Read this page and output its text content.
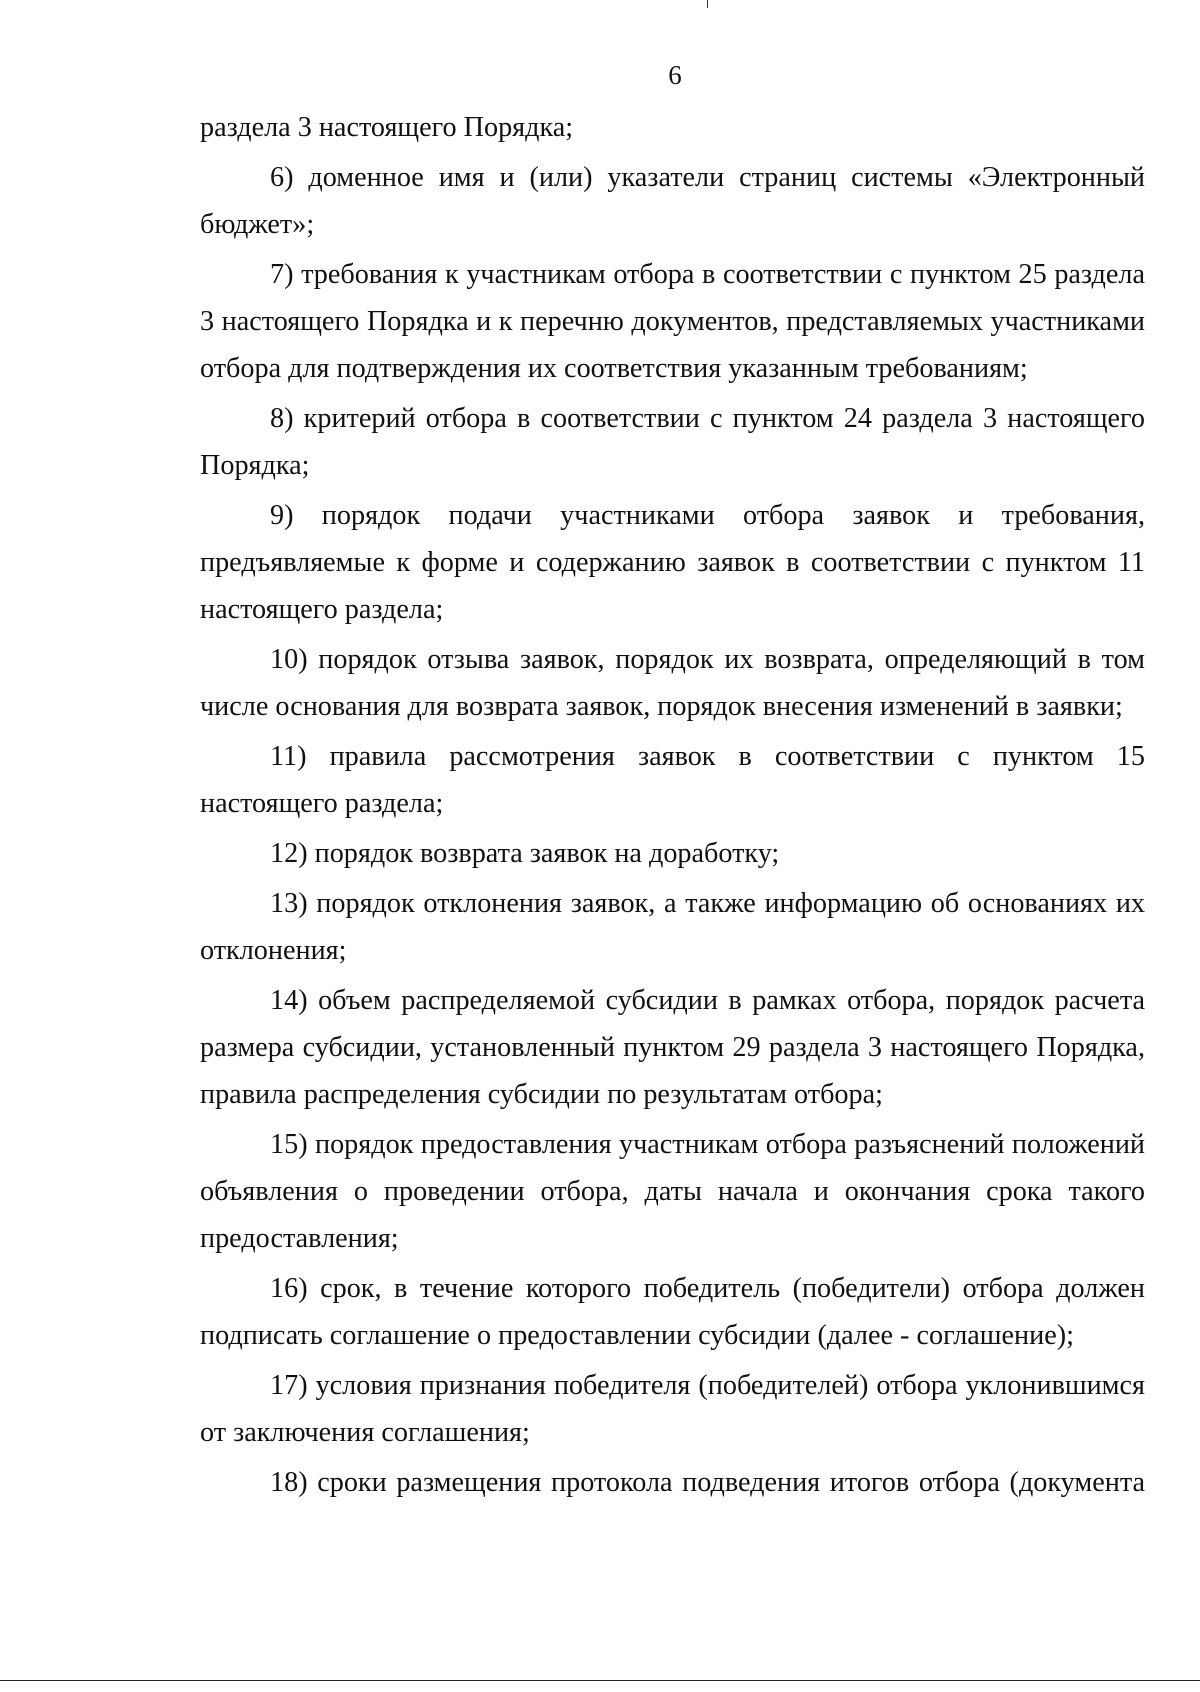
6

раздела 3 настоящего Порядка;

6) доменное имя и (или) указатели страниц системы «Электронный бюджет»;

7) требования к участникам отбора в соответствии с пунктом 25 раздела 3 настоящего Порядка и к перечню документов, представляемых участниками отбора для подтверждения их соответствия указанным требованиям;

8) критерий отбора в соответствии с пунктом 24 раздела 3 настоящего Порядка;

9) порядок подачи участниками отбора заявок и требования, предъявляемые к форме и содержанию заявок в соответствии с пунктом 11 настоящего раздела;

10) порядок отзыва заявок, порядок их возврата, определяющий в том числе основания для возврата заявок, порядок внесения изменений в заявки;

11) правила рассмотрения заявок в соответствии с пунктом 15 настоящего раздела;

12) порядок возврата заявок на доработку;

13) порядок отклонения заявок, а также информацию об основаниях их отклонения;

14) объем распределяемой субсидии в рамках отбора, порядок расчета размера субсидии, установленный пунктом 29 раздела 3 настоящего Порядка, правила распределения субсидии по результатам отбора;

15) порядок предоставления участникам отбора разъяснений положений объявления о проведении отбора, даты начала и окончания срока такого предоставления;

16) срок, в течение которого победитель (победители) отбора должен подписать соглашение о предоставлении субсидии (далее - соглашение);

17) условия признания победителя (победителей) отбора уклонившимся от заключения соглашения;

18) сроки размещения протокола подведения итогов отбора (документа
